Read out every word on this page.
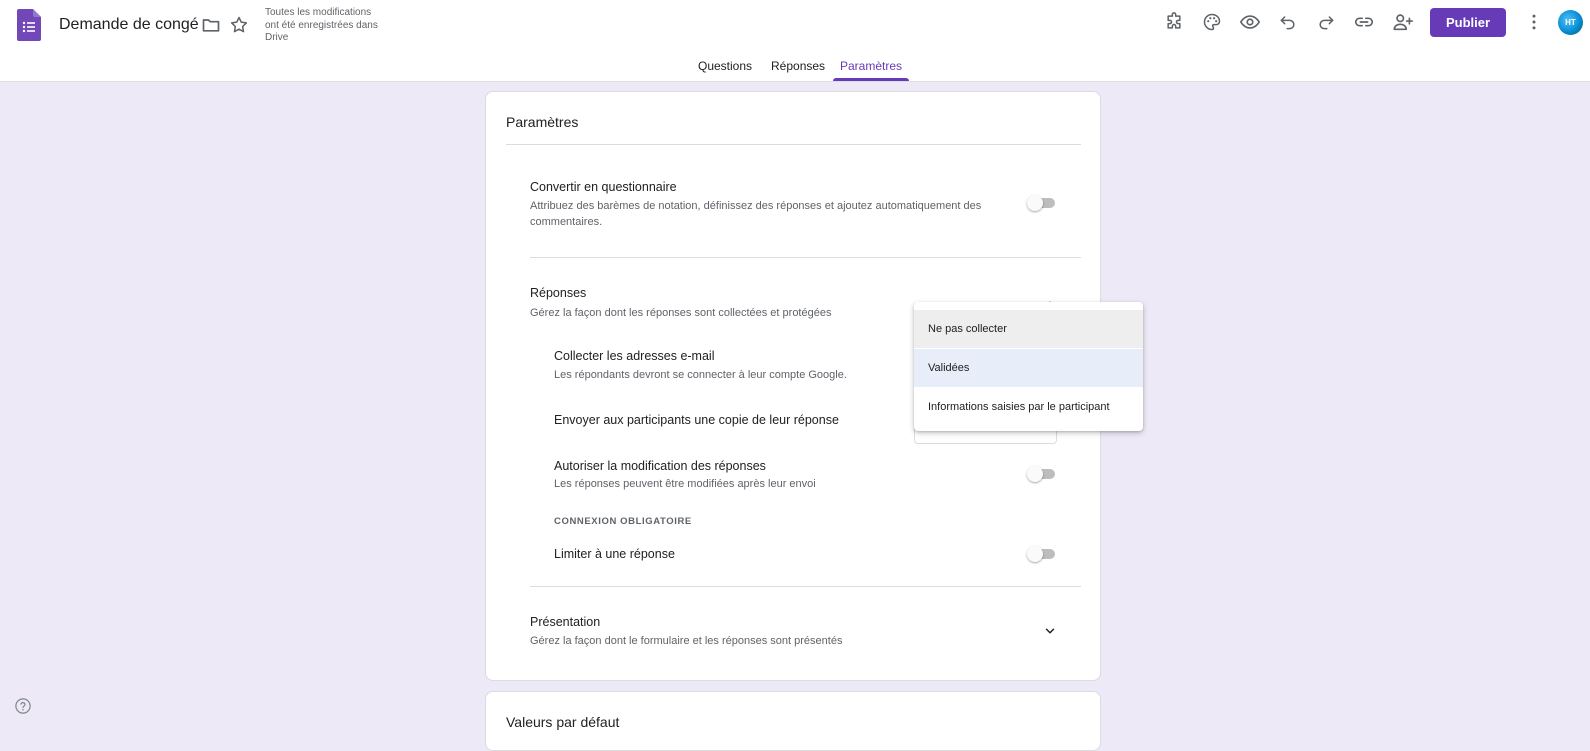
Demande de congé
Toutes les modifications ont été enregistrées dans Drive
Publier	HT
Questions Réponses Paramètres
Paramètres
Convertir en questionnaire
Attribuez des barèmes de notation, définissez des réponses et ajoutez automatiquement des commentaires.
Réponses
Gérez la façon dont les réponses sont collectées et protégées
Collecter les adresses e-mail
Les répondants devront se connecter à leur compte Google.
Envoyer aux participants une copie de leur réponse
Autoriser la modification des réponses
Les réponses peuvent être modifiées après leur envoi
CONNEXION OBLIGATOIRE
Limiter à une réponse
Présentation
Gérez la façon dont le formulaire et les réponses sont présentés
Ne pas collecter
Validées
Informations saisies par le participant
Valeurs par défaut
